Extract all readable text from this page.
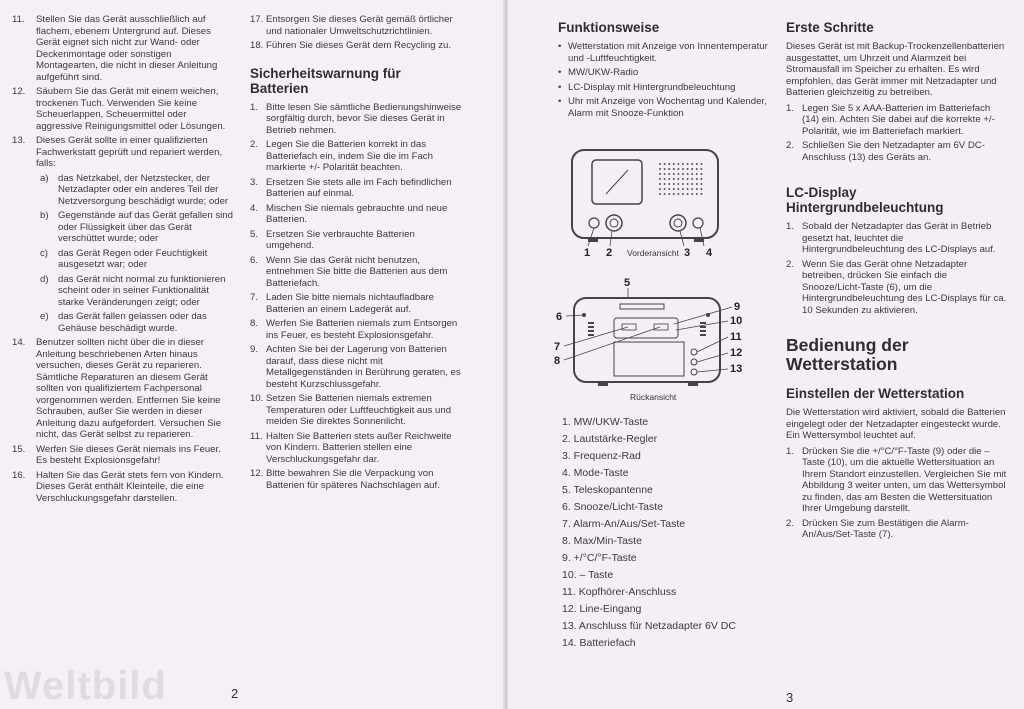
11. Stellen Sie das Gerät ausschließlich auf flachem, ebenem Untergrund auf. Dieses Gerät eignet sich nicht zur Wand- oder Deckenmontage oder sonstigen Montagearten, die nicht in dieser Anleitung aufgeführt sind.
12. Säubern Sie das Gerät mit einem weichen, trockenen Tuch. Verwenden Sie keine Scheuerlappen, Scheuermittel oder aggressive Reinigungsmittel oder Lösungen.
13. Dieses Gerät sollte in einer qualifizierten Fachwerkstatt geprüft und repariert werden, falls:
a) das Netzkabel, der Netzstecker, der Netzadapter oder ein anderes Teil der Netzversorgung beschädigt wurde; oder
b) Gegenstände auf das Gerät gefallen sind oder Flüssigkeit über das Gerät verschüttet wurde; oder
c) das Gerät Regen oder Feuchtigkeit ausgesetzt war; oder
d) das Gerät nicht normal zu funktionieren scheint oder in seiner Funktionalität starke Veränderungen zeigt; oder
e) das Gerät fallen gelassen oder das Gehäuse beschädigt wurde.
14. Benutzer sollten nicht über die in dieser Anleitung beschriebenen Arten hinaus versuchen, dieses Gerät zu reparieren. Sämtliche Reparaturen an diesem Gerät sollten von qualifiziertem Fachpersonal vorgenommen werden. Entfernen Sie keine Schrauben, außer Sie werden in dieser Anleitung dazu aufgefordert. Versuchen Sie nicht, das Gerät selbst zu reparieren.
15. Werfen Sie dieses Gerät niemals ins Feuer. Es besteht Explosionsgefahr!
16. Halten Sie das Gerät stets fern von Kindern. Dieses Gerät enthält Kleinteile, die eine Verschluckungsgefahr darstellen.
17. Entsorgen Sie dieses Gerät gemäß örtlicher und nationaler Umweltschutzrichtlinien.
18. Führen Sie dieses Gerät dem Recycling zu.
Sicherheitswarnung für Batterien
1. Bitte lesen Sie sämtliche Bedienungshinweise sorgfältig durch, bevor Sie dieses Gerät in Betrieb nehmen.
2. Legen Sie die Batterien korrekt in das Batteriefach ein, indem Sie die im Fach markierte +/- Polarität beachten.
3. Ersetzen Sie stets alle im Fach befindlichen Batterien auf einmal.
4. Mischen Sie niemals gebrauchte und neue Batterien.
5. Ersetzen Sie verbrauchte Batterien umgehend.
6. Wenn Sie das Gerät nicht benutzen, entnehmen Sie bitte die Batterien aus dem Batteriefach.
7. Laden Sie bitte niemals nichtaufladbare Batterien an einem Ladegerät auf.
8. Werfen Sie Batterien niemals zum Entsorgen ins Feuer, es besteht Explosionsgefahr.
9. Achten Sie bei der Lagerung von Batterien darauf, dass diese nicht mit Metallgegenständen in Berührung geraten, es besteht Kurzschlussgefahr.
10. Setzen Sie Batterien niemals extremen Temperaturen oder Luftfeuchtigkeit aus und meiden Sie direktes Sonnenlicht.
11. Halten Sie Batterien stets außer Reichweite von Kindern. Batterien stellen eine Verschluckungsgefahr dar.
12. Bitte bewahren Sie die Verpackung von Batterien für späteres Nachschlagen auf.
Weltbild	2
Funktionsweise
• Wetterstation mit Anzeige von Innentemperatur und -Luftfeuchtigkeit.
• MW/UKW-Radio
• LC-Display mit Hintergrundbeleuchtung
• Uhr mit Anzeige von Wochentag und Kalender, Alarm mit Snooze-Funktion
1 2 Vorderansicht 3 4
5
6
7
8
9
10
11
12
13
Rückansicht
1. MW/UKW-Taste
2. Lautstärke-Regler
3. Frequenz-Rad
4. Mode-Taste
5. Teleskopantenne
6. Snooze/Licht-Taste
7. Alarm-An/Aus/Set-Taste
8. Max/Min-Taste
9. +/°C/°F-Taste
10. – Taste
11. Kopfhörer-Anschluss
12. Line-Eingang
13. Anschluss für Netzadapter 6V DC
14. Batteriefach
Erste Schritte

Dieses Gerät ist mit Backup-Trockenzellenbatterien ausgestattet, um Uhrzeit und Alarmzeit bei Stromausfall im Speicher zu erhalten. Es wird empfohlen, das Gerät immer mit Netzadapter und Batterien gleichzeitig zu betreiben.

1. Legen Sie 5 x AAA-Batterien im Batteriefach (14) ein. Achten Sie dabei auf die korrekte +/- Polarität, wie im Batteriefach markiert.
2. Schließen Sie den Netzadapter am 6V DC-Anschluss (13) des Geräts an.
LC-Display Hintergrundbeleuchtung
1. Sobald der Netzadapter das Gerät in Betrieb gesetzt hat, leuchtet die Hintergrundbeleuchtung des LC-Displays auf.
2. Wenn Sie das Gerät ohne Netzadapter betreiben, drücken Sie einfach die Snooze/Licht-Taste (6), um die Hintergrundbeleuchtung des LC-Displays für ca. 10 Sekunden zu aktivieren.
Bedienung der Wetterstation
Einstellen der Wetterstation

Die Wetterstation wird aktiviert, sobald die Batterien eingelegt oder der Netzadapter eingesteckt wurde. Ein Wettersymbol leuchtet auf.

1. Drücken Sie die +/°C/°F-Taste (9) oder die – Taste (10), um die aktuelle Wettersituation an Ihrem Standort einzustellen. Vergleichen Sie mit Abbildung 3 weiter unten, um das Wettersymbol zu finden, das am Besten die Wettersituation Ihrer Umgebung darstellt.
2. Drücken Sie zum Bestätigen die Alarm-An/Aus/Set-Taste (7).
3
